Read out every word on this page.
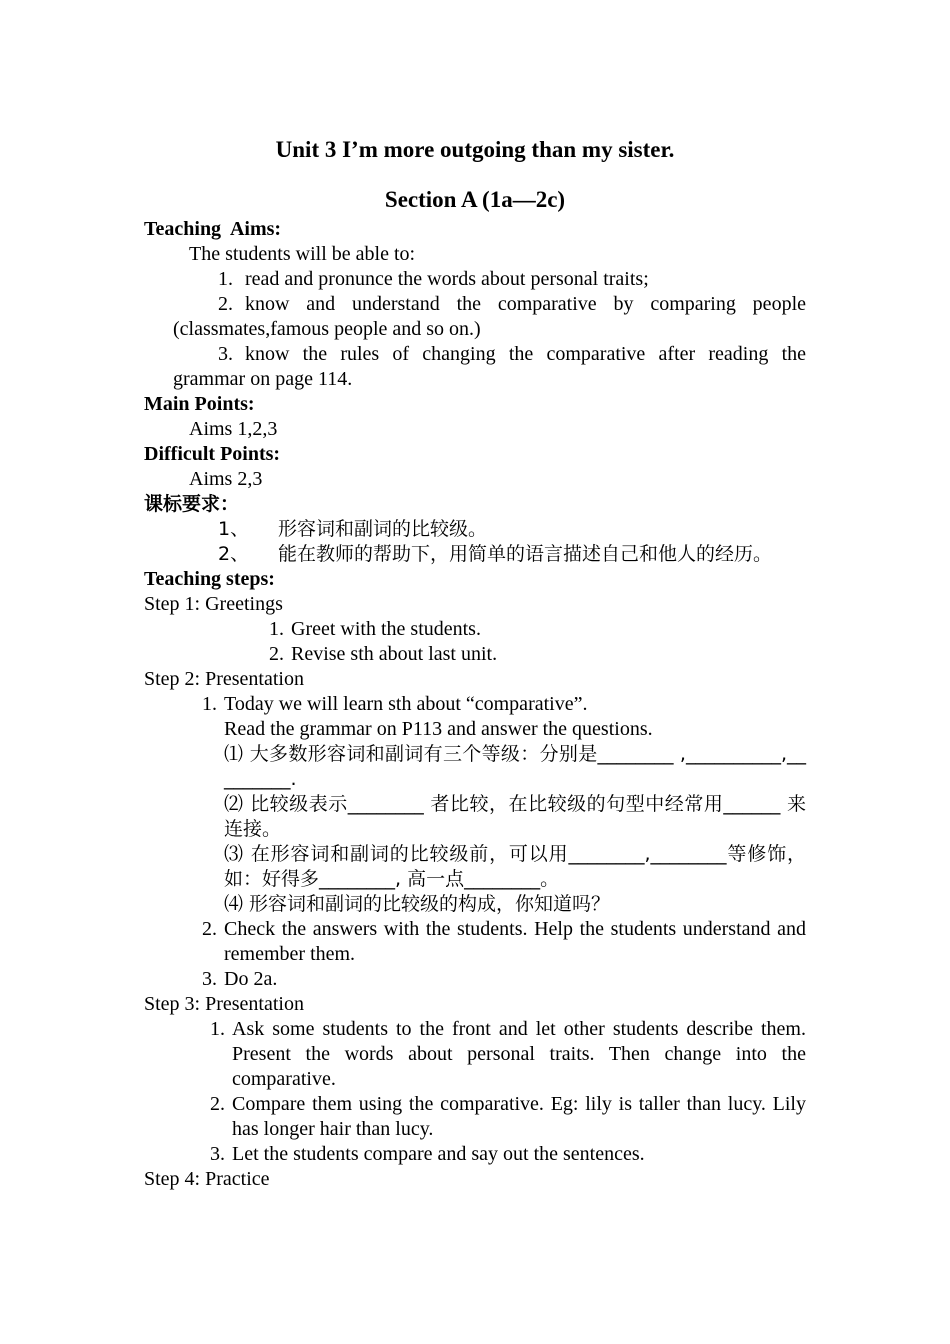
Unit 3 I’m more outgoing than my sister.

Section A (1a—2c)

Teaching  Aims:

The students will be able to:

1. read and pronunce the words about personal traits;
2. know and understand the comparative by comparing people (classmates,famous people and so on.)
3. know the rules of changing the comparative after reading the grammar on page 114.

Main Points:

Aims 1,2,3

Difficult Points:

Aims 2,3

课标要求：

1、	形容词和副词的比较级。
2、 能在教师的帮助下，用简单的语言描述自己和他人的经历。

Teaching steps:

Step 1: Greetings

1. Greet with the students.
2. Revise sth about last unit.

Step 2: Presentation

1. Today we will learn sth about “comparative”.
Read the grammar on P113 and answer the questions.
⑴ 大多数形容词和副词有三个等级：分别是________ ,__________,_________.
⑵ 比较级表示________ 者比较，在比较级的句型中经常用______ 来连接。
⑶ 在形容词和副词的比较级前，可以用________,________等修饰，如：好得多________, 高一点________。
⑷ 形容词和副词的比较级的构成，你知道吗？
2. Check the answers with the students. Help the students understand and remember them.
3. Do 2a.

Step 3: Presentation

1. Ask some students to the front and let other students describe them. Present the words about personal traits. Then change into the comparative.
2. Compare them using the comparative. Eg: lily is taller than lucy. Lily has longer hair than lucy.
3. Let the students compare and say out the sentences.

Step 4: Practice
